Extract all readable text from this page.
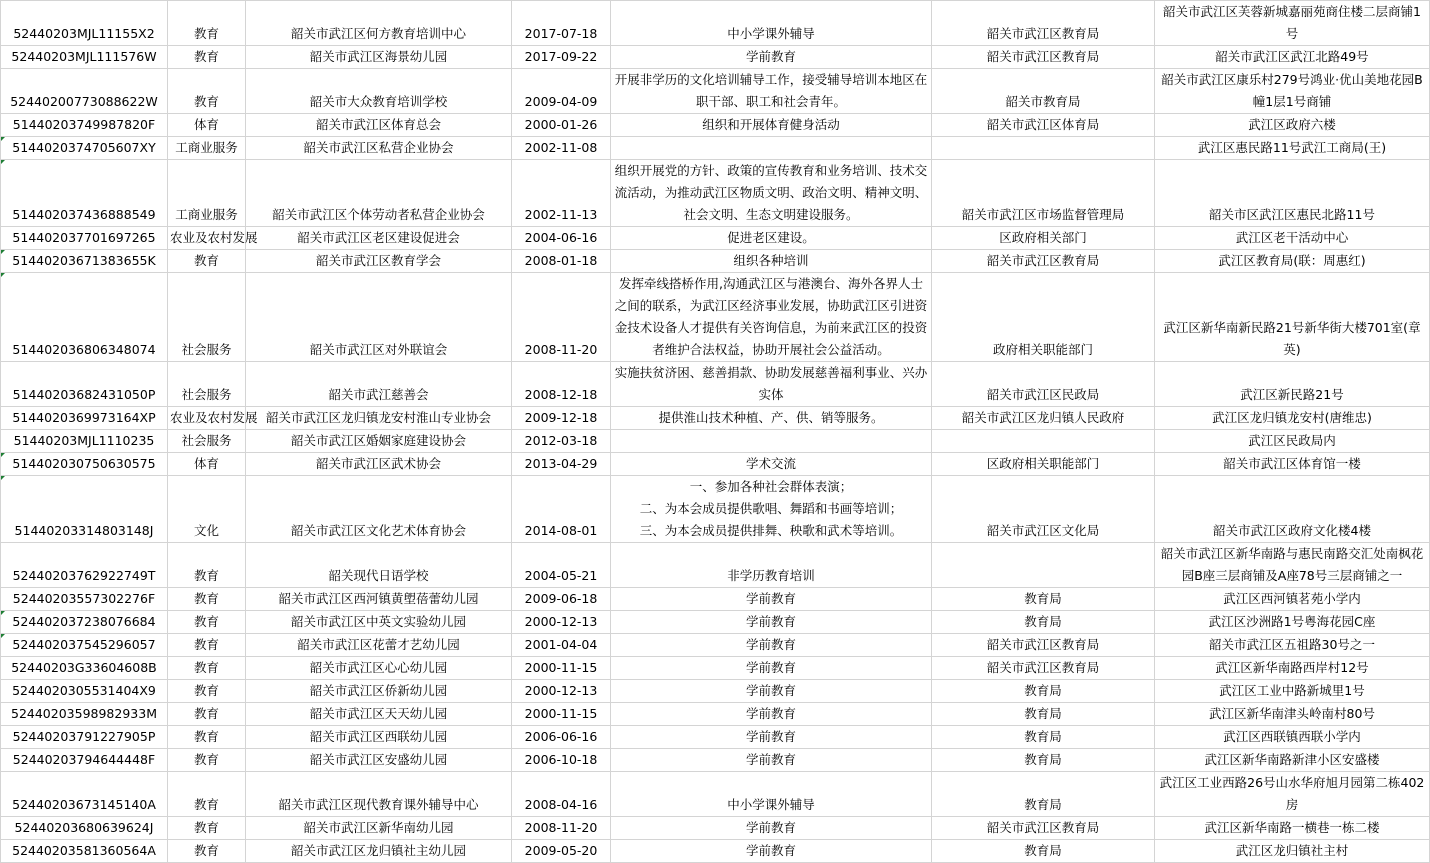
52440203MJL11155X2	教育	韶关市武江区何方教育培训中心	2017-07-18	中小学课外辅导	韶关市武江区教育局	韶关市武江区芙蓉新城嘉丽苑商住楼二层商铺1号
52440203MJL111576W	教育	韶关市武江区海景幼儿园	2017-09-22	学前教育	韶关市武江区教育局	韶关市武江区武江北路49号
52440200773088622W	教育	韶关市大众教育培训学校	2009-04-09	开展非学历的文化培训辅导工作，接受辅导培训本地区在职干部、职工和社会青年。	韶关市教育局	韶关市武江区康乐村279号鸿业·优山美地花园B幢1层1号商铺
51440203749987820F	体育	韶关市武江区体育总会	2000-01-26	组织和开展体育健身活动	韶关市武江区体育局	武江区政府六楼
5144020374705607XY	工商业服务	韶关市武江区私营企业协会	2002-11-08			武江区惠民路11号武江工商局(王)
514402037436888549	工商业服务	韶关市武江区个体劳动者私营企业协会	2002-11-13	组织开展党的方针、政策的宣传教育和业务培训、技术交流活动，为推动武江区物质文明、政治文明、精神文明、社会文明、生态文明建设服务。	韶关市武江区市场监督管理局	韶关市区武江区惠民北路11号
514402037701697265	农业及农村发展	韶关市武江区老区建设促进会	2004-06-16	促进老区建设。	区政府相关部门	武江区老干活动中心
51440203671383655K	教育	韶关市武江区教育学会	2008-01-18	组织各种培训	韶关市武江区教育局	武江区教育局(联：周惠红)
514402036806348074	社会服务	韶关市武江区对外联谊会	2008-11-20	发挥牵线搭桥作用,沟通武江区与港澳台、海外各界人士之间的联系，为武江区经济事业发展，协助武江区引进资金技术设备人才提供有关咨询信息，为前来武江区的投资者维护合法权益，协助开展社会公益活动。	政府相关职能部门	武江区新华南新民路21号新华街大楼701室(章英)
51440203682431050P	社会服务	韶关市武江慈善会	2008-12-18	实施扶贫济困、慈善捐款、协助发展慈善福利事业、兴办实体	韶关市武江区民政局	武江区新民路21号
5144020369973164XP	农业及农村发展	韶关市武江区龙归镇龙安村淮山专业协会	2009-12-18	提供淮山技术种植、产、供、销等服务。	韶关市武江区龙归镇人民政府	武江区龙归镇龙安村(唐维忠)
51440203MJL1110235	社会服务	韶关市武江区婚姻家庭建设协会	2012-03-18			武江区民政局内
514402030750630575	体育	韶关市武江区武术协会	2013-04-29	学术交流	区政府相关职能部门	韶关市武江区体育馆一楼
51440203314803148J	文化	韶关市武江区文化艺术体育协会	2014-08-01	一、参加各种社会群体表演；
二、为本会成员提供歌唱、舞蹈和书画等培训；
三、为本会成员提供排舞、秧歌和武术等培训。	韶关市武江区文化局	韶关市武江区政府文化楼4楼
52440203762922749T	教育	韶关现代日语学校	2004-05-21	非学历教育培训		韶关市武江区新华南路与惠民南路交汇处南枫花园B座三层商铺及A座78号三层商铺之一
52440203557302276F	教育	韶关市武江区西河镇黄塱蓓蕾幼儿园	2009-06-18	学前教育	教育局	武江区西河镇茗苑小学内
524402037238076684	教育	韶关市武江区中英文实验幼儿园	2000-12-13	学前教育	教育局	武江区沙洲路1号粤海花园C座
524402037545296057	教育	韶关市武江区花蕾才艺幼儿园	2001-04-04	学前教育	韶关市武江区教育局	韶关市武江区五祖路30号之一
52440203G33604608B	教育	韶关市武江区心心幼儿园	2000-11-15	学前教育	韶关市武江区教育局	武江区新华南路西岸村12号
5244020305531404X9	教育	韶关市武江区侨新幼儿园	2000-12-13	学前教育	教育局	武江区工业中路新城里1号
52440203598982933M	教育	韶关市武江区天天幼儿园	2000-11-15	学前教育	教育局	武江区新华南津头岭南村80号
52440203791227905P	教育	韶关市武江区西联幼儿园	2006-06-16	学前教育	教育局	武江区西联镇西联小学内
52440203794644448F	教育	韶关市武江区安盛幼儿园	2006-10-18	学前教育	教育局	武江区新华南路新津小区安盛楼
52440203673145140A	教育	韶关市武江区现代教育课外辅导中心	2008-04-16	中小学课外辅导	教育局	武江区工业西路26号山水华府旭月园第二栋402房
52440203680639624J	教育	韶关市武江区新华南幼儿园	2008-11-20	学前教育	韶关市武江区教育局	武江区新华南路一横巷一栋二楼
52440203581360564A	教育	韶关市武江区龙归镇社主幼儿园	2009-05-20	学前教育	教育局	武江区龙归镇社主村
